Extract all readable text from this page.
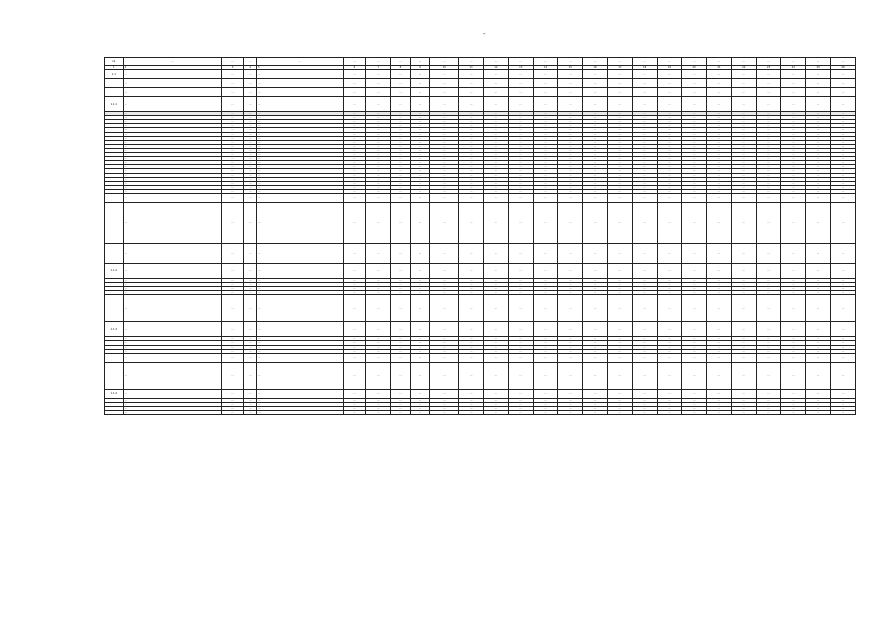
-
№	…	…	…	…	…	…	…	…	…	…	…	…	…	…	…	…	…	…	…	…	…	…	…	…	…
1	2	3	4	5	6	7	8	9	10	11	12	13	14	15	16	17	18	19	20	21	22	23	24	25	26
1.1	…	…	…	…	…	…	…	…	…	…	…	…	…	…	…	…	…	…	…	…	…	…	…	…	…
	…	…	…	…	…	…	…	…	…	…	…	…	…	…	…	…	…	…	…	…	…	…	…	…	…
	…	…	…	…	…	…	…	…	…	…	…	…	…	…	…	…	…	…	…	…	…	…	…	…	…
1.1.1	…	…	…	…	…	…	…	…	…	…	…	…	…	…	…	…	…	…	…	…	…	…	…	…	…
	…	…	…	…	…	…	…	…	…	…	…	…	…	…	…	…	…	…	…	…	…	…	…	…	…
	…	…	…	…	…	…	…	…	…	…	…	…	…	…	…	…	…	…	…	…	…	…	…	…	…
	…	…	…	…	…	…	…	…	…	…	…	…	…	…	…	…	…	…	…	…	…	…	…	…	…
	…	…	…	…	…	…	…	…	…	…	…	…	…	…	…	…	…	…	…	…	…	…	…	…	…
	…	…	…	…	…	…	…	…	…	…	…	…	…	…	…	…	…	…	…	…	…	…	…	…	…
	…	…	…	…	…	…	…	…	…	…	…	…	…	…	…	…	…	…	…	…	…	…	…	…	…
	…	…	…	…	…	…	…	…	…	…	…	…	…	…	…	…	…	…	…	…	…	…	…	…	…
	…	…	…	…	…	…	…	…	…	…	…	…	…	…	…	…	…	…	…	…	…	…	…	…	…
	…	…	…	…	…	…	…	…	…	…	…	…	…	…	…	…	…	…	…	…	…	…	…	…	…
	…	…	…	…	…	…	…	…	…	…	…	…	…	…	…	…	…	…	…	…	…	…	…	…	…
	…	…	…	…	…	…	…	…	…	…	…	…	…	…	…	…	…	…	…	…	…	…	…	…	…
	…	…	…	…	…	…	…	…	…	…	…	…	…	…	…	…	…	…	…	…	…	…	…	…	…
	…	…	…	…	…	…	…	…	…	…	…	…	…	…	…	…	…	…	…	…	…	…	…	…	…
	…	…	…	…	…	…	…	…	…	…	…	…	…	…	…	…	…	…	…	…	…	…	…	…	…
	…	…	…	…	…	…	…	…	…	…	…	…	…	…	…	…	…	…	…	…	…	…	…	…	…
	…	…	…	…	…	…	…	…	…	…	…	…	…	…	…	…	…	…	…	…	…	…	…	…	…
	…	…	…	…	…	…	…	…	…	…	…	…	…	…	…	…	…	…	…	…	…	…	…	…	…
	…	…	…	…	…	…	…	…	…	…	…	…	…	…	…	…	…	…	…	…	…	…	…	…	…
	…	…	…	…	…	…	…	…	…	…	…	…	…	…	…	…	…	…	…	…	…	…	…	…	…
	…	…	…	…	…	…	…	…	…	…	…	…	…	…	…	…	…	…	…	…	…	…	…	…	…
	…	…	…	…	…	…	…	…	…	…	…	…	…	…	…	…	…	…	…	…	…	…	…	…	…
	…	…	…	…	…	…	…	…	…	…	…	…	…	…	…	…	…	…	…	…	…	…	…	…	…
	…	…	…	…	…	…	…	…	…	…	…	…	…	…	…	…	…	…	…	…	…	…	…	…	…
1.1.2	…	…	…	…	…	…	…	…	…	…	…	…	…	…	…	…	…	…	…	…	…	…	…	…	…
	…	…	…	…	…	…	…	…	…	…	…	…	…	…	…	…	…	…	…	…	…	…	…	…	…
	…	…	…	…	…	…	…	…	…	…	…	…	…	…	…	…	…	…	…	…	…	…	…	…	…
	…	…	…	…	…	…	…	…	…	…	…	…	…	…	…	…	…	…	…	…	…	…	…	…	…
	…	…	…	…	…	…	…	…	…	…	…	…	…	…	…	…	…	…	…	…	…	…	…	…	…
	…	…	…	…	…	…	…	…	…	…	…	…	…	…	…	…	…	…	…	…	…	…	…	…	…
1.1.3	…	…	…	…	…	…	…	…	…	…	…	…	…	…	…	…	…	…	…	…	…	…	…	…	…
	…	…	…	…	…	…	…	…	…	…	…	…	…	…	…	…	…	…	…	…	…	…	…	…	…
	…	…	…	…	…	…	…	…	…	…	…	…	…	…	…	…	…	…	…	…	…	…	…	…	…
	…	…	…	…	…	…	…	…	…	…	…	…	…	…	…	…	…	…	…	…	…	…	…	…	…
	…	…	…	…	…	…	…	…	…	…	…	…	…	…	…	…	…	…	…	…	…	…	…	…	…
	…	…	…	…	…	…	…	…	…	…	…	…	…	…	…	…	…	…	…	…	…	…	…	…	…
	…	…	…	…	…	…	…	…	…	…	…	…	…	…	…	…	…	…	…	…	…	…	…	…	…
1.1.4	…	…	…	…	…	…	…	…	…	…	…	…	…	…	…	…	…	…	…	…	…	…	…	…	…
	…	…	…	…	…	…	…	…	…	…	…	…	…	…	…	…	…	…	…	…	…	…	…	…	…
	…	…	…	…	…	…	…	…	…	…	…	…	…	…	…	…	…	…	…	…	…	…	…	…	…
	…	…	…	…	…	…	…	…	…	…	…	…	…	…	…	…	…	…	…	…	…	…	…	…	…
	…	…	…	…	…	…	…	…	…	…	…	…	…	…	…	…	…	…	…	…	…	…	…	…	…
